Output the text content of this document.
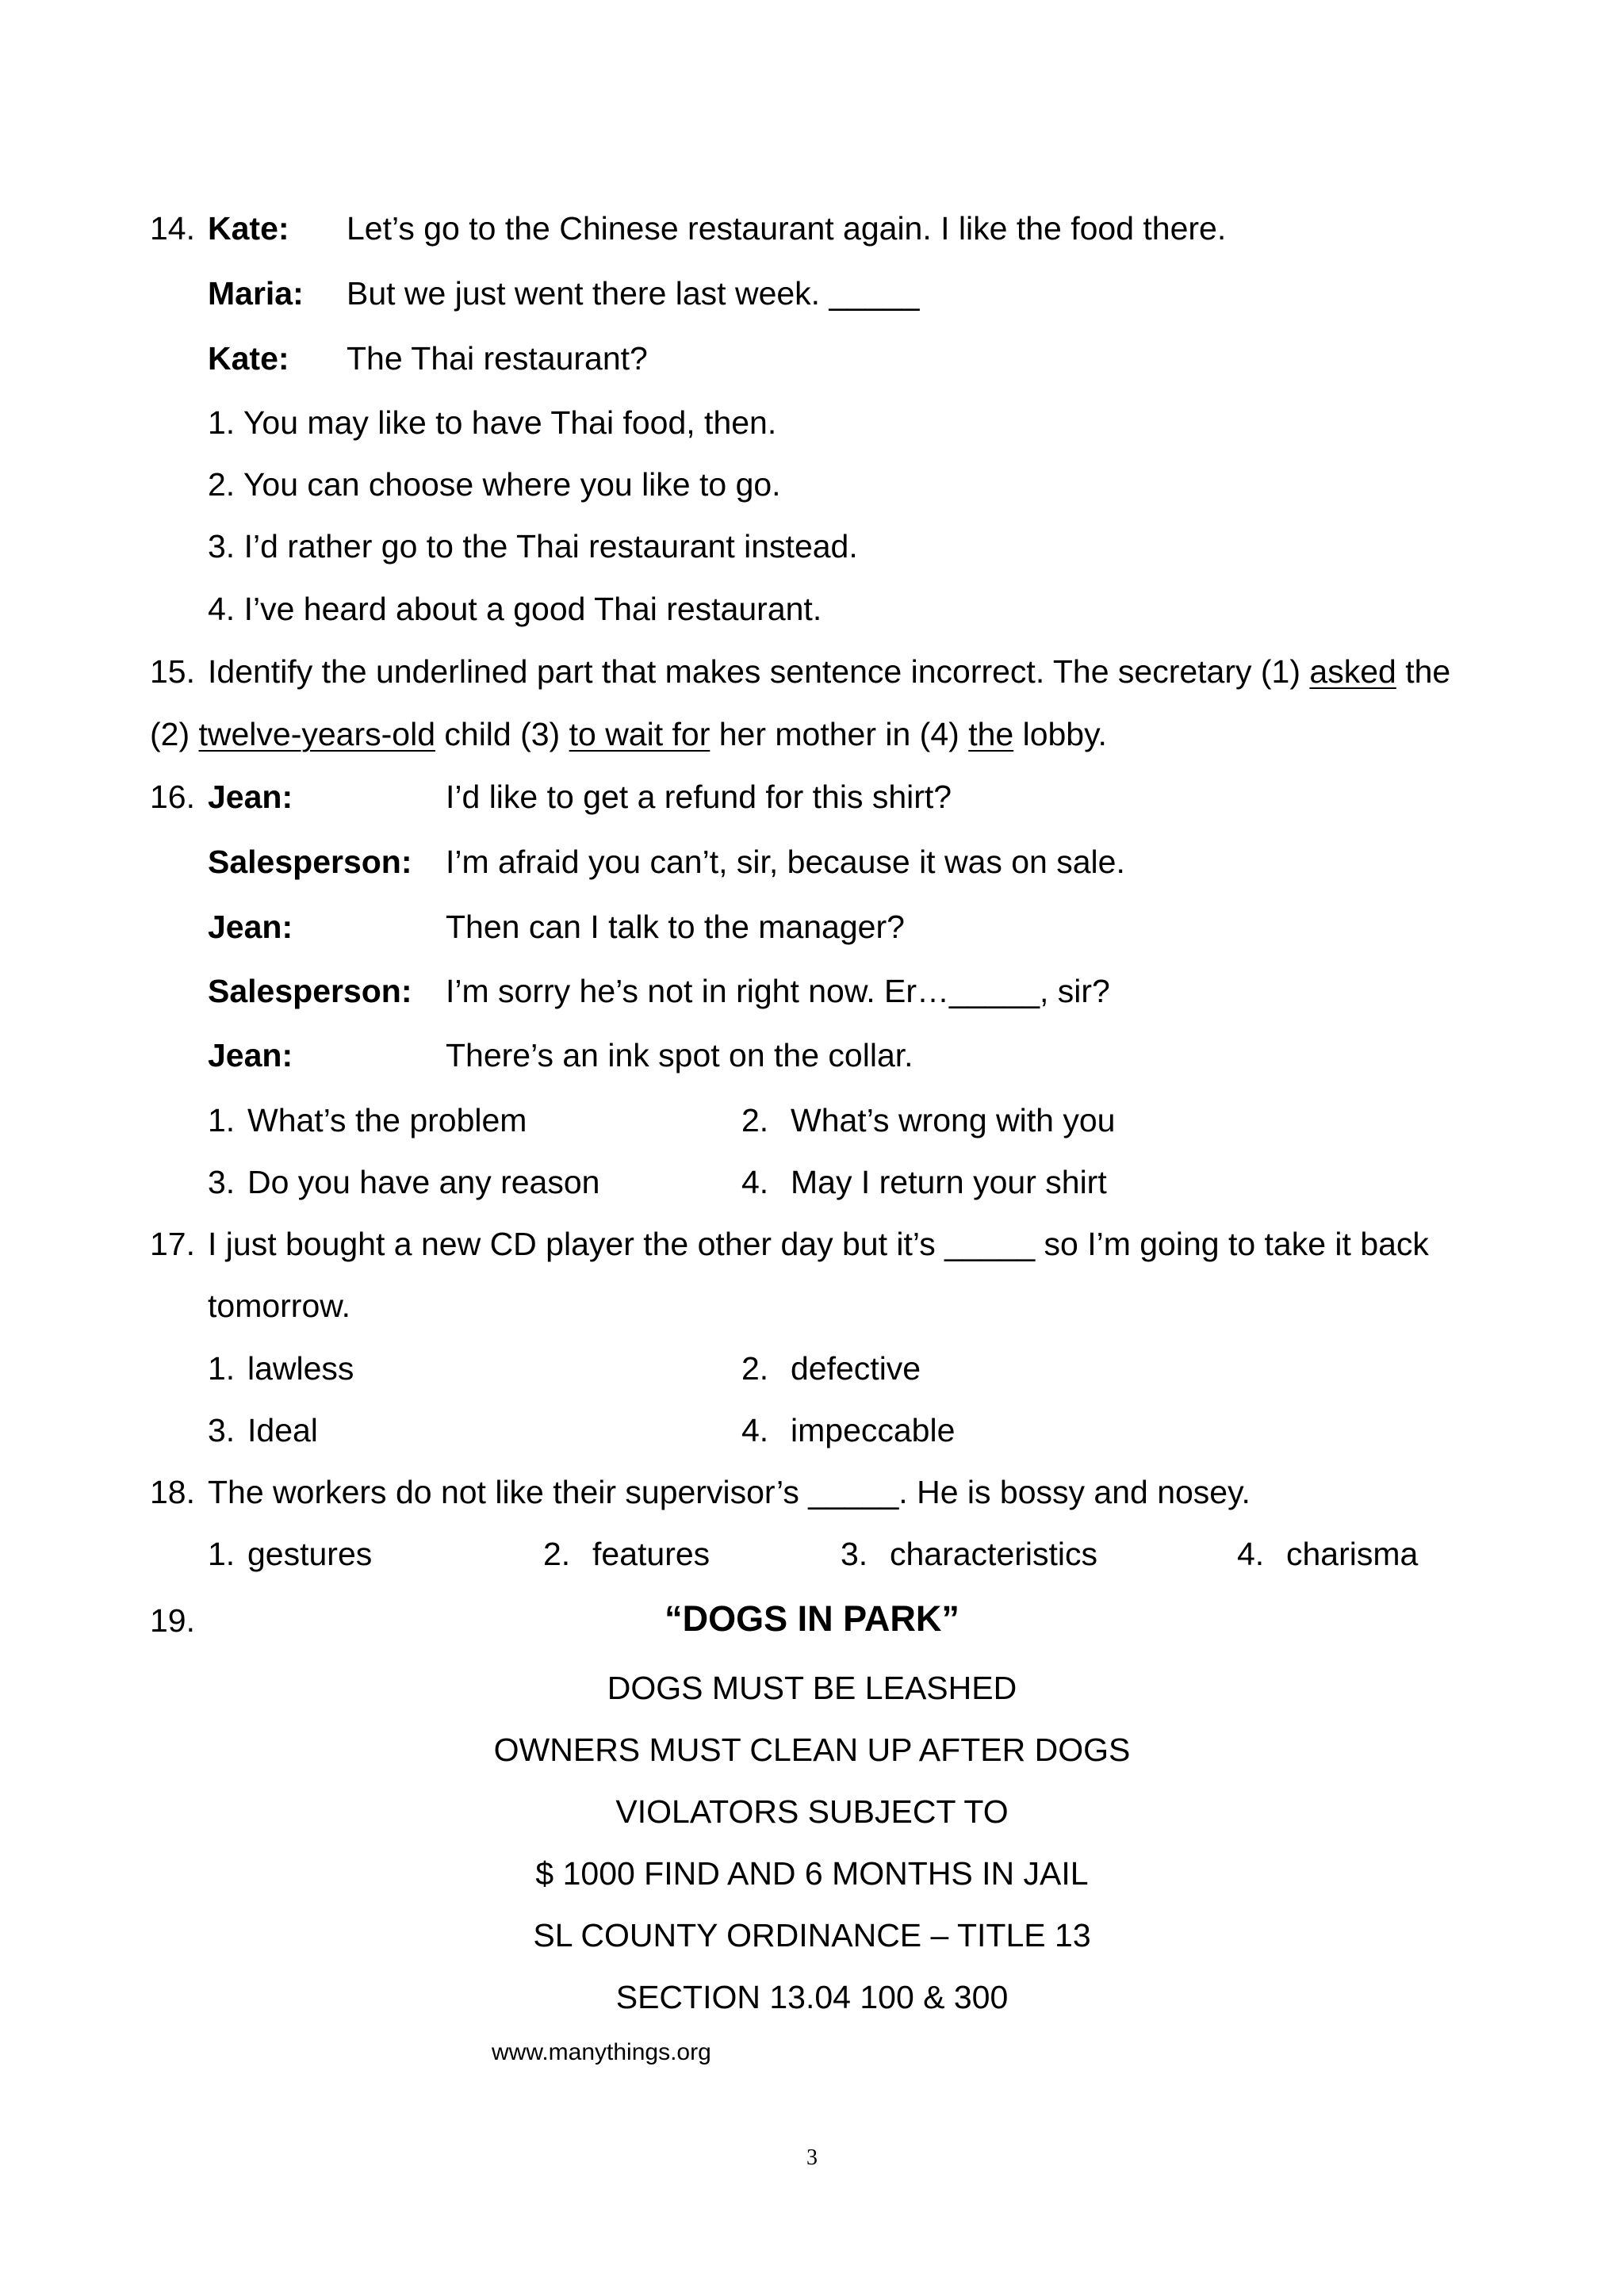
14. Kate: Let’s go to the Chinese restaurant again. I like the food there.
Maria: But we just went there last week. _____
Kate: The Thai restaurant?
1. You may like to have Thai food, then.
2. You can choose where you like to go.
3. I’d rather go to the Thai restaurant instead.
4. I’ve heard about a good Thai restaurant.
15. Identify the underlined part that makes sentence incorrect. The secretary (1) asked the
(2) twelve-years-old child (3) to wait for her mother in (4) the lobby.
16. Jean:	I’d like to get a refund for this shirt?
Salesperson: I’m afraid you can’t, sir, because it was on sale.
Jean:	Then can I talk to the manager?
Salesperson: I’m sorry he’s not in right now. Er…_____, sir?
Jean:	There’s an ink spot on the collar.
1. What’s the problem	2. What’s wrong with you
3. Do you have any reason	4. May I return your shirt
17. I just bought a new CD player the other day but it’s _____ so I’m going to take it back
tomorrow.
1. lawless	2. defective
3. Ideal	4. impeccable
18. The workers do not like their supervisor’s _____. He is bossy and nosey.
1. gestures	2. features	3. characteristics	4. charisma
19.	“DOGS IN PARK”
DOGS MUST BE LEASHED
OWNERS MUST CLEAN UP AFTER DOGS
VIOLATORS SUBJECT TO
$ 1000 FIND AND 6 MONTHS IN JAIL
SL COUNTY ORDINANCE – TITLE 13
SECTION 13.04 100 & 300
www.manythings.org
3
